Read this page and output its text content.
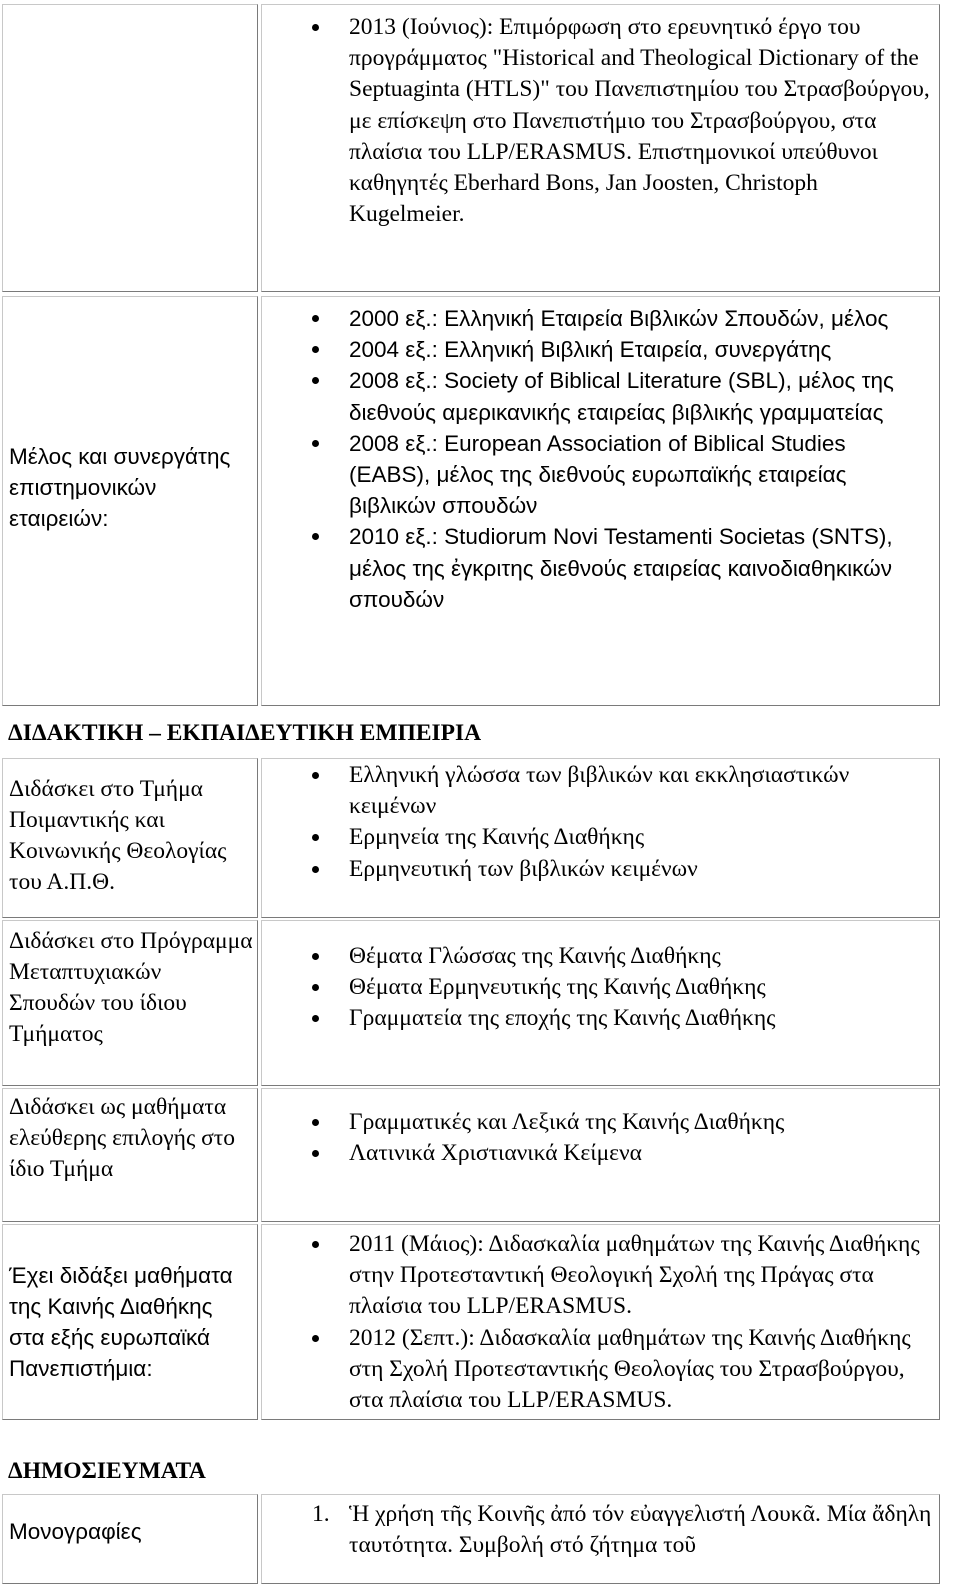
2013 (Ιούνιος): Επιμόρφωση στο ερευνητικό έργο του προγράμματος "Historical and Theological Dictionary of the Septuaginta (HTLS)" του Πανεπιστημίου του Στρασβούργου, με επίσκεψη στο Πανεπιστήμιο του Στρασβούργου, στα πλαίσια του LLP/ERASMUS. Επιστημονικοί υπεύθυνοι καθηγητές Eberhard Bons, Jan Joosten, Christoph Kugelmeier.
Μέλος και συνεργάτης επιστημονικών εταιρειών:
2000 εξ.: Ελληνική Εταιρεία Βιβλικών Σπουδών, μέλος
2004 εξ.: Ελληνική Βιβλική Εταιρεία, συνεργάτης
2008 εξ.: Society of Biblical Literature (SBL), μέλος της διεθνούς αμερικανικής εταιρείας βιβλικής γραμματείας
2008 εξ.: European Association of Biblical Studies (EABS), μέλος της διεθνούς ευρωπαϊκής εταιρείας βιβλικών σπουδών
2010 εξ.: Studiorum Novi Testamenti Societas (SNTS), μέλος της ἐγκριτης διεθνούς εταιρείας καινοδιαθηκικών σπουδών
ΔΙΔΑΚΤΙΚΗ – ΕΚΠΑΙΔΕΥΤΙΚΗ ΕΜΠΕΙΡΙΑ
Διδάσκει στο Τμήμα Ποιμαντικής και Κοινωνικής Θεολογίας του Α.Π.Θ.
Ελληνική γλώσσα των βιβλικών και εκκλησιαστικών κειμένων
Ερμηνεία της Καινής Διαθήκης
Ερμηνευτική των βιβλικών κειμένων
Διδάσκει στο Πρόγραμμα Μεταπτυχιακών Σπουδών του ίδιου Τμήματος
Θέματα Γλώσσας της Καινής Διαθήκης
Θέματα Ερμηνευτικής της Καινής Διαθήκης
Γραμματεία της εποχής της Καινής Διαθήκης
Διδάσκει ως μαθήματα ελεύθερης επιλογής στο ίδιο Τμήμα
Γραμματικές και Λεξικά της Καινής Διαθήκης
Λατινικά Χριστιανικά Κείμενα
Έχει διδάξει μαθήματα της Καινής Διαθήκης στα εξής ευρωπαϊκά Πανεπιστήμια:
2011 (Μάιος): Διδασκαλία μαθημάτων της Καινής Διαθήκης στην Προτεσταντική Θεολογική Σχολή της Πράγας στα πλαίσια του LLP/ERASMUS.
2012 (Σεπτ.): Διδασκαλία μαθημάτων της Καινής Διαθήκης στη Σχολή Προτεσταντικής Θεολογίας του Στρασβούργου, στα πλαίσια του LLP/ERASMUS.
ΔΗΜΟΣΙΕΥΜΑΤΑ
Μονογραφίες
1. Ἡ χρήση τῆς Κοινῆς ἀπό τόν εὐαγγελιστή Λουκᾶ. Μία ἄδηλη ταυτότητα. Συμβολή στό ζήτημα τοῦ
